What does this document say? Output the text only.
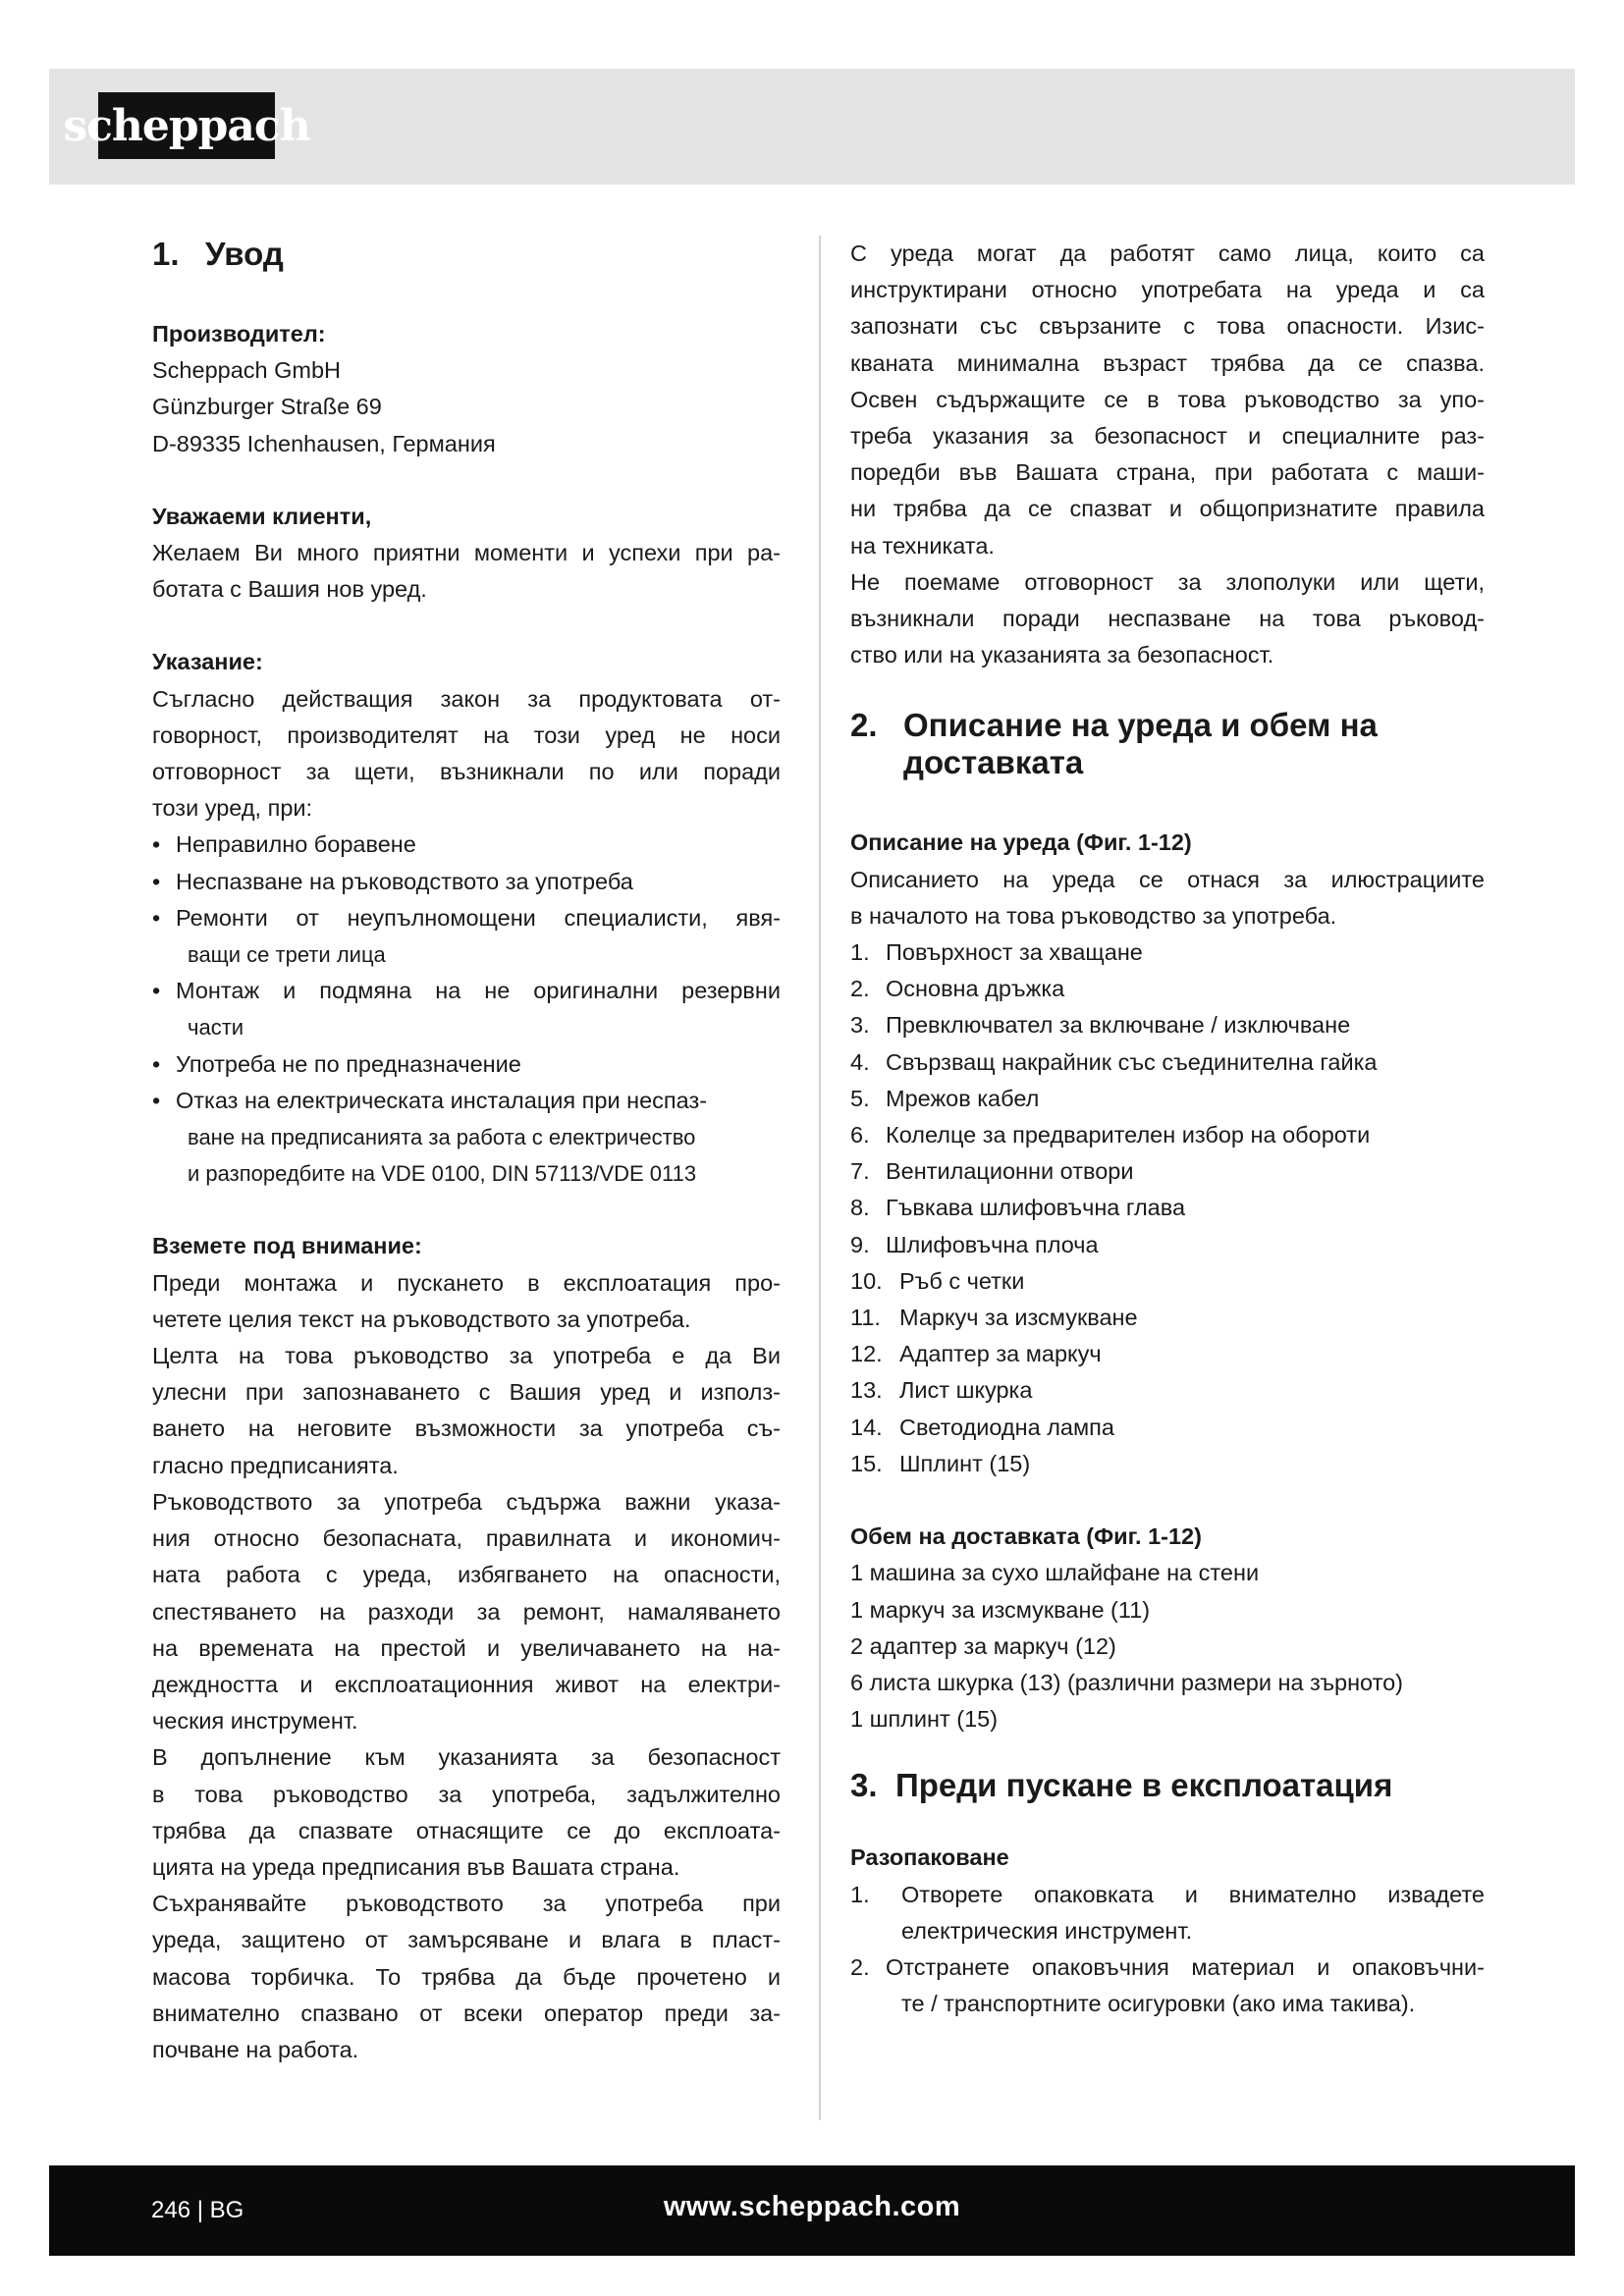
scheppach
1. Увод
Производител:
Scheppach GmbH
Günzburger Straße 69
D-89335 Ichenhausen, Германия
Уважаеми клиенти,
Желаем Ви много приятни моменти и успехи при ра-
ботата с Вашия нов уред.
Указание:
Съгласно действащия закон за продуктовата от-
говорност, производителят на този уред не носи
отговорност за щети, възникнали по или поради
този уред, при:
• Неправилно боравене
• Неспазване на ръководството за употреба
• Ремонти от неупълномощени специалисти, явя-
ващи се трети лица
• Монтаж и подмяна на не оригинални резервни
части
• Употреба не по предназначение
• Отказ на електрическата инсталация при неспаз-
ване на предписанията за работа с електричество
и разпоредбите на VDE 0100, DIN 57113/VDE 0113
Вземете под внимание:
Преди монтажа и пускането в експлоатация про-
четете целия текст на ръководството за употреба.
Целта на това ръководство за употреба е да Ви
улесни при запознаването с Вашия уред и използ-
ването на неговите възможности за употреба съ-
гласно предписанията.
Ръководството за употреба съдържа важни указа-
ния относно безопасната, правилната и икономич-
ната работа с уреда, избягването на опасности,
спестяването на разходи за ремонт, намаляването
на времената на престой и увеличаването на на-
деждността и експлоатационния живот на електри-
ческия инструмент.
В допълнение към указанията за безопасност
в това ръководство за употреба, задължително
трябва да спазвате отнасящите се до експлоата-
цията на уреда предписания във Вашата страна.
Съхранявайте ръководството за употреба при
уреда, защитено от замърсяване и влага в пласт-
масова торбичка. То трябва да бъде прочетено и
внимателно спазвано от всеки оператор преди за-
почване на работа.
С уреда могат да работят само лица, които са
инструктирани относно употребата на уреда и са
запознати със свързаните с това опасности. Изис-
кваната минимална възраст трябва да се спазва.
Освен съдържащите се в това ръководство за упо-
треба указания за безопасност и специалните раз-
поредби във Вашата страна, при работата с маши-
ни трябва да се спазват и общопризнатите правила
на техниката.
Не поемаме отговорност за злополуки или щети,
възникнали поради неспазване на това ръковод-
ство или на указанията за безопасност.
2. Описание на уреда и обем на
доставката
Описание на уреда (Фиг. 1-12)
Описанието на уреда се отнася за илюстрациите
в началото на това ръководство за употреба.
1. Повърхност за хващане
2. Основна дръжка
3. Превключвател за включване / изключване
4. Свързващ накрайник със съединителна гайка
5. Мрежов кабел
6. Колелце за предварителен избор на обороти
7. Вентилационни отвори
8. Гъвкава шлифовъчна глава
9. Шлифовъчна плоча
10. Ръб с четки
11. Маркуч за изсмукване
12. Адаптер за маркуч
13. Лист шкурка
14. Светодиодна лампа
15. Шплинт (15)
Обем на доставката (Фиг. 1-12)
1 машина за сухо шлайфане на стени
1 маркуч за изсмукване (11)
2 адаптер за маркуч (12)
6 листа шкурка (13) (различни размери на зърното)
1 шплинт (15)
3. Преди пускане в експлоатация
Разопаковане
1.	Отворете опаковката и внимателно извадете
електрическия инструмент.
2. Отстранете опаковъчния материал и опаковъчни-
те / транспортните осигуровки (ако има такива).
246 | BG	www.scheppach.com
